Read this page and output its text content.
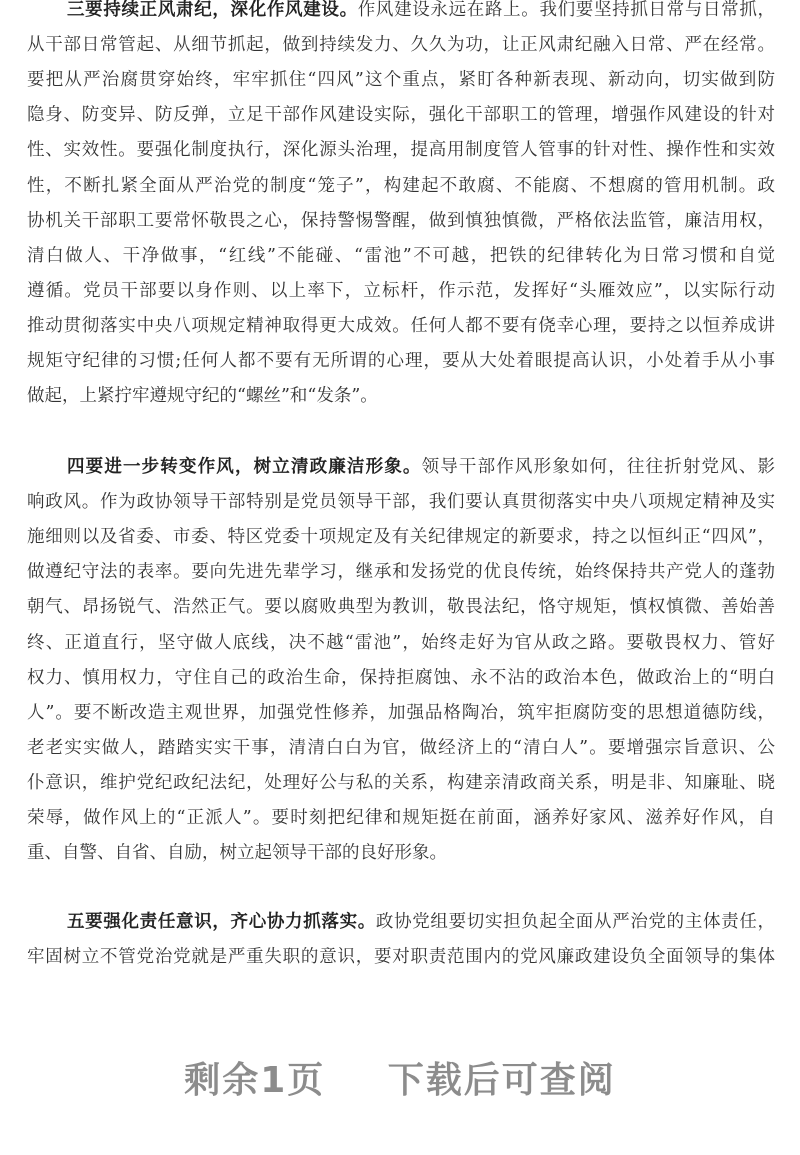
三要持续正风肃纪，深化作风建设。作风建设永远在路上。我们要坚持抓日常与日常抓，
从干部日常管起、从细节抓起，做到持续发力、久久为功，让正风肃纪融入日常、严在经常。
要把从严治腐贯穿始终，牢牢抓住“四风”这个重点，紧盯各种新表现、新动向，切实做到防
隐身、防变异、防反弹，立足干部作风建设实际，强化干部职工的管理，增强作风建设的针对
性、实效性。要强化制度执行，深化源头治理，提高用制度管人管事的针对性、操作性和实效
性，不断扎紧全面从严治党的制度“笼子”，构建起不敢腐、不能腐、不想腐的管用机制。政
协机关干部职工要常怀敬畏之心，保持警惕警醒，做到慎独慎微，严格依法监管，廉洁用权，
清白做人、干净做事，“红线”不能碰、“雷池”不可越，把铁的纪律转化为日常习惯和自觉
遵循。党员干部要以身作则、以上率下，立标杆，作示范，发挥好“头雁效应”，以实际行动
推动贯彻落实中央八项规定精神取得更大成效。任何人都不要有侥幸心理，要持之以恒养成讲
规矩守纪律的习惯;任何人都不要有无所谓的心理，要从大处着眼提高认识，小处着手从小事
做起，上紧拧牢遵规守纪的“螺丝”和“发条”。
四要进一步转变作风，树立清政廉洁形象。领导干部作风形象如何，往往折射党风、影
响政风。作为政协领导干部特别是党员领导干部，我们要认真贯彻落实中央八项规定精神及实
施细则以及省委、市委、特区党委十项规定及有关纪律规定的新要求，持之以恒纠正“四风”，
做遵纪守法的表率。要向先进先辈学习，继承和发扬党的优良传统，始终保持共产党人的蓬勃
朝气、昂扬锐气、浩然正气。要以腐败典型为教训，敬畏法纪，恪守规矩，慎权慎微、善始善
终、正道直行，坚守做人底线，决不越“雷池”，始终走好为官从政之路。要敬畏权力、管好
权力、慎用权力，守住自己的政治生命，保持拒腐蚀、永不沾的政治本色，做政治上的“明白
人”。要不断改造主观世界，加强党性修养，加强品格陶冶，筑牢拒腐防变的思想道德防线，
老老实实做人，踏踏实实干事，清清白白为官，做经济上的“清白人”。要增强宗旨意识、公
仆意识，维护党纪政纪法纪，处理好公与私的关系，构建亲清政商关系，明是非、知廉耻、晓
荣辱，做作风上的“正派人”。要时刻把纪律和规矩挺在前面，涵养好家风、滋养好作风，自
重、自警、自省、自励，树立起领导干部的良好形象。
五要强化责任意识，齐心协力抓落实。政协党组要切实担负起全面从严治党的主体责任，
牢固树立不管党治党就是严重失职的意识，要对职责范围内的党风廉政建设负全面领导的集体
剩余1页 下载后可查阅
